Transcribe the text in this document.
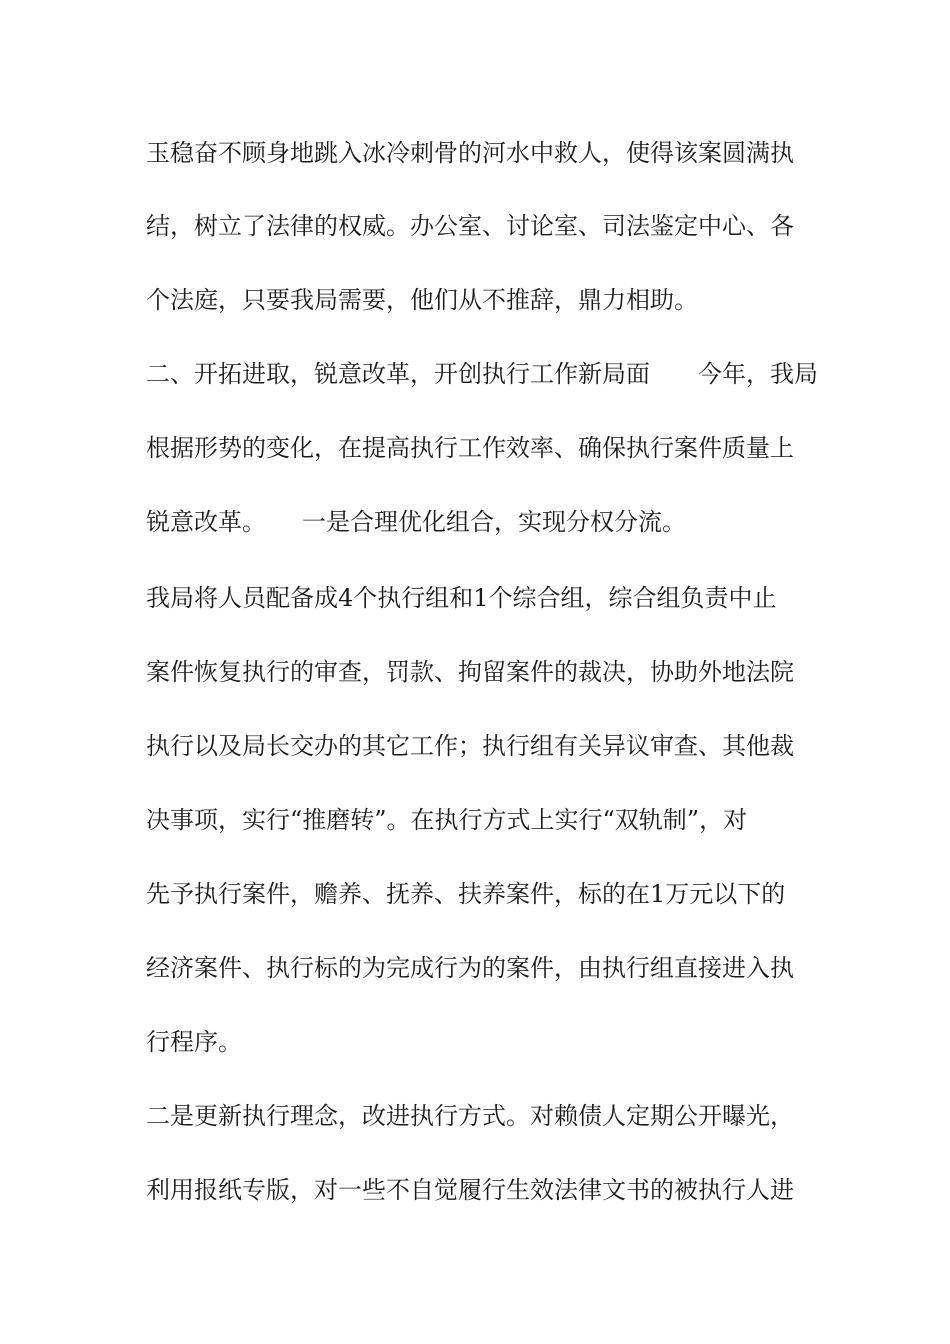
玉稳奋不顾身地跳入冰冷刺骨的河水中救人，使得该案圆满执
结，树立了法律的权威。办公室、讨论室、司法鉴定中心、各
个法庭，只要我局需要，他们从不推辞，鼎力相助。
二、开拓进取，锐意改革，开创执行工作新局面　　今年，我局
根据形势的变化，在提高执行工作效率、确保执行案件质量上
锐意改革。　　一是合理优化组合，实现分权分流。
我局将人员配备成4个执行组和1个综合组，综合组负责中止
案件恢复执行的审查，罚款、拘留案件的裁决，协助外地法院
执行以及局长交办的其它工作；执行组有关异议审查、其他裁
决事项，实行“推磨转”。在执行方式上实行“双轨制”，对
先予执行案件，赡养、抚养、扶养案件，标的在1万元以下的
经济案件、执行标的为完成行为的案件，由执行组直接进入执
行程序。
二是更新执行理念，改进执行方式。对赖债人定期公开曝光，
利用报纸专版，对一些不自觉履行生效法律文书的被执行人进
